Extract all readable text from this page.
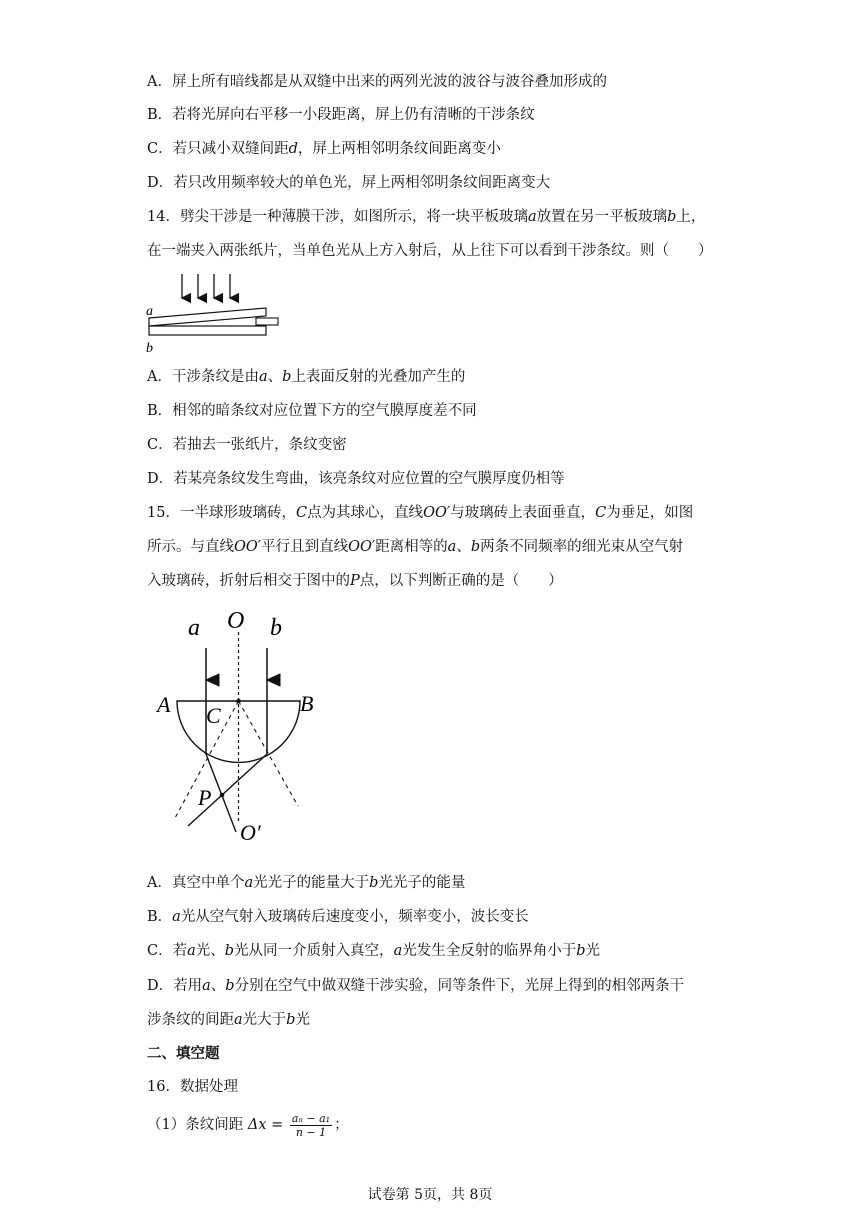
A．屏上所有暗线都是从双缝中出来的两列光波的波谷与波谷叠加形成的
B．若将光屏向右平移一小段距离，屏上仍有清晰的干涉条纹
C．若只减小双缝间距d，屏上两相邻明条纹间距离变小
D．若只改用频率较大的单色光，屏上两相邻明条纹间距离变大
14．劈尖干涉是一种薄膜干涉，如图所示，将一块平板玻璃a放置在另一平板玻璃b上，
在一端夹入两张纸片，当单色光从上方入射后，从上往下可以看到干涉条纹。则（　　）
a
b
A．干涉条纹是由a、b上表面反射的光叠加产生的
B．相邻的暗条纹对应位置下方的空气膜厚度差不同
C．若抽去一张纸片，条纹变密
D．若某亮条纹发生弯曲，该亮条纹对应位置的空气膜厚度仍相等
15．一半球形玻璃砖，C点为其球心，直线OO′与玻璃砖上表面垂直，C为垂足，如图
所示。与直线OO′平行且到直线OO′距离相等的a、b两条不同频率的细光束从空气射
入玻璃砖，折射后相交于图中的P点，以下判断正确的是（　　）
a O b
A	B
C
P
O′
A．真空中单个a光光子的能量大于b光光子的能量
B．a光从空气射入玻璃砖后速度变小，频率变小，波长变长
C．若a光、b光从同一介质射入真空，a光发生全反射的临界角小于b光
D．若用a、b分别在空气中做双缝干涉实验，同等条件下，光屏上得到的相邻两条干
涉条纹的间距a光大于b光
二、填空题
16．数据处理
（1）条纹间距 $\Delta x = \frac{\text{aₙ − a₁}}{n - 1}$ ；
试卷第 5页，共 8页
